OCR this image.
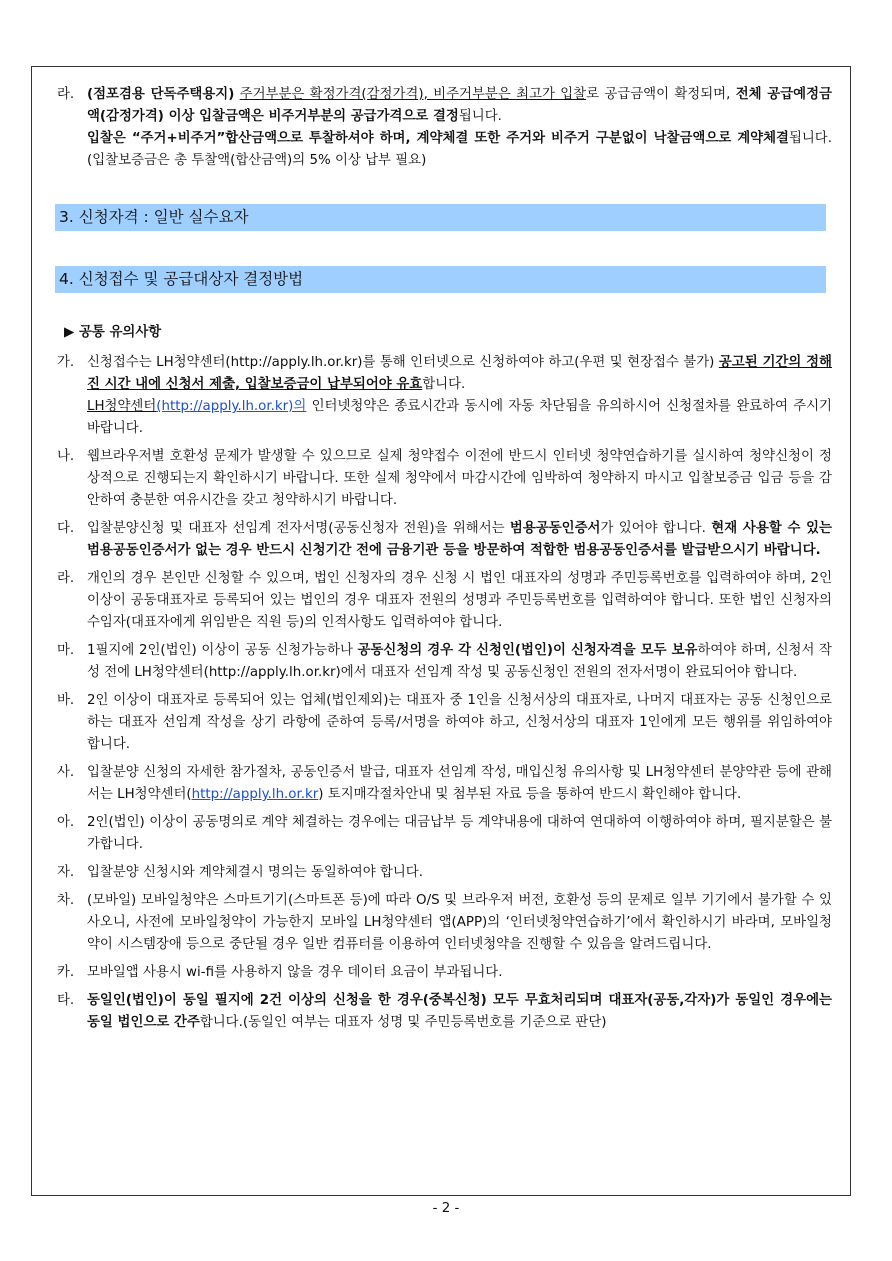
라. (점포겸용 단독주택용지) 주거부분은 확정가격(감정가격), 비주거부분은 최고가 입찰로 공급금액이 확정되며, 전체 공급예정금액(감정가격) 이상 입찰금액은 비주거부분의 공급가격으로 결정됩니다.
입찰은 “주거+비주거”합산금액으로 투찰하셔야 하며, 계약체결 또한 주거와 비주거 구분없이 낙찰금액으로 계약체결됩니다. (입찰보증금은 총 투찰액(합산금액)의 5% 이상 납부 필요)

3. 신청자격 : 일반 실수요자
4. 신청접수 및 공급대상자 결정방법
▶ 공통 유의사항

가. 신청접수는 LH청약센터(http://apply.lh.or.kr)를 통해 인터넷으로 신청하여야 하고(우편 및 현장접수 불가) 공고된 기간의 정해진 시간 내에 신청서 제출, 입찰보증금이 납부되어야 유효합니다.
LH청약센터(http://apply.lh.or.kr)의 인터넷청약은 종료시간과 동시에 자동 차단됨을 유의하시어 신청절차를 완료하여 주시기 바랍니다.

나. 웹브라우저별 호환성 문제가 발생할 수 있으므로 실제 청약접수 이전에 반드시 인터넷 청약연습하기를 실시하여 청약신청이 정상적으로 진행되는지 확인하시기 바랍니다. 또한 실제 청약에서 마감시간에 임박하여 청약하지 마시고 입찰보증금 입금 등을 감안하여 충분한 여유시간을 갖고 청약하시기 바랍니다.

다. 입찰분양신청 및 대표자 선임계 전자서명(공동신청자 전원)을 위해서는 범용공동인증서가 있어야 합니다. 현재 사용할 수 있는 범용공동인증서가 없는 경우 반드시 신청기간 전에 금융기관 등을 방문하여 적합한 범용공동인증서를 발급받으시기 바랍니다.

라. 개인의 경우 본인만 신청할 수 있으며, 법인 신청자의 경우 신청 시 법인 대표자의 성명과 주민등록번호를 입력하여야 하며, 2인 이상이 공동대표자로 등록되어 있는 법인의 경우 대표자 전원의 성명과 주민등록번호를 입력하여야 합니다. 또한 법인 신청자의 수임자(대표자에게 위임받은 직원 등)의 인적사항도 입력하여야 합니다.

마. 1필지에 2인(법인) 이상이 공동 신청가능하나 공동신청의 경우 각 신청인(법인)이 신청자격을 모두 보유하여야 하며, 신청서 작성 전에 LH청약센터(http://apply.lh.or.kr)에서 대표자 선임계 작성 및 공동신청인 전원의 전자서명이 완료되어야 합니다.

바. 2인 이상이 대표자로 등록되어 있는 업체(법인제외)는 대표자 중 1인을 신청서상의 대표자로, 나머지 대표자는 공동 신청인으로 하는 대표자 선임계 작성을 상기 라항에 준하여 등록/서명을 하여야 하고, 신청서상의 대표자 1인에게 모든 행위를 위임하여야 합니다.

사. 입찰분양 신청의 자세한 참가절차, 공동인증서 발급, 대표자 선임계 작성, 매입신청 유의사항 및 LH청약센터 분양약관 등에 관해서는 LH청약센터(http://apply.lh.or.kr) 토지매각절차안내 및 첨부된 자료 등을 통하여 반드시 확인해야 합니다.

아. 2인(법인) 이상이 공동명의로 계약 체결하는 경우에는 대금납부 등 계약내용에 대하여 연대하여 이행하여야 하며, 필지분할은 불가합니다.

자. 입찰분양 신청시와 계약체결시 명의는 동일하여야 합니다.

차. (모바일) 모바일청약은 스마트기기(스마트폰 등)에 따라 O/S 및 브라우저 버전, 호환성 등의 문제로 일부 기기에서 불가할 수 있사오니, 사전에 모바일청약이 가능한지 모바일 LH청약센터 앱(APP)의 ‘인터넷청약연습하기’에서 확인하시기 바라며, 모바일청약이 시스템장애 등으로 중단될 경우 일반 컴퓨터를 이용하여 인터넷청약을 진행할 수 있음을 알려드립니다.

카. 모바일앱 사용시 wi-fi를 사용하지 않을 경우 데이터 요금이 부과됩니다.

타. 동일인(법인)이 동일 필지에 2건 이상의 신청을 한 경우(중복신청) 모두 무효처리되며 대표자(공동,각자)가 동일인 경우에는 동일 법인으로 간주합니다.(동일인 여부는 대표자 성명 및 주민등록번호를 기준으로 판단)

- 2 -
